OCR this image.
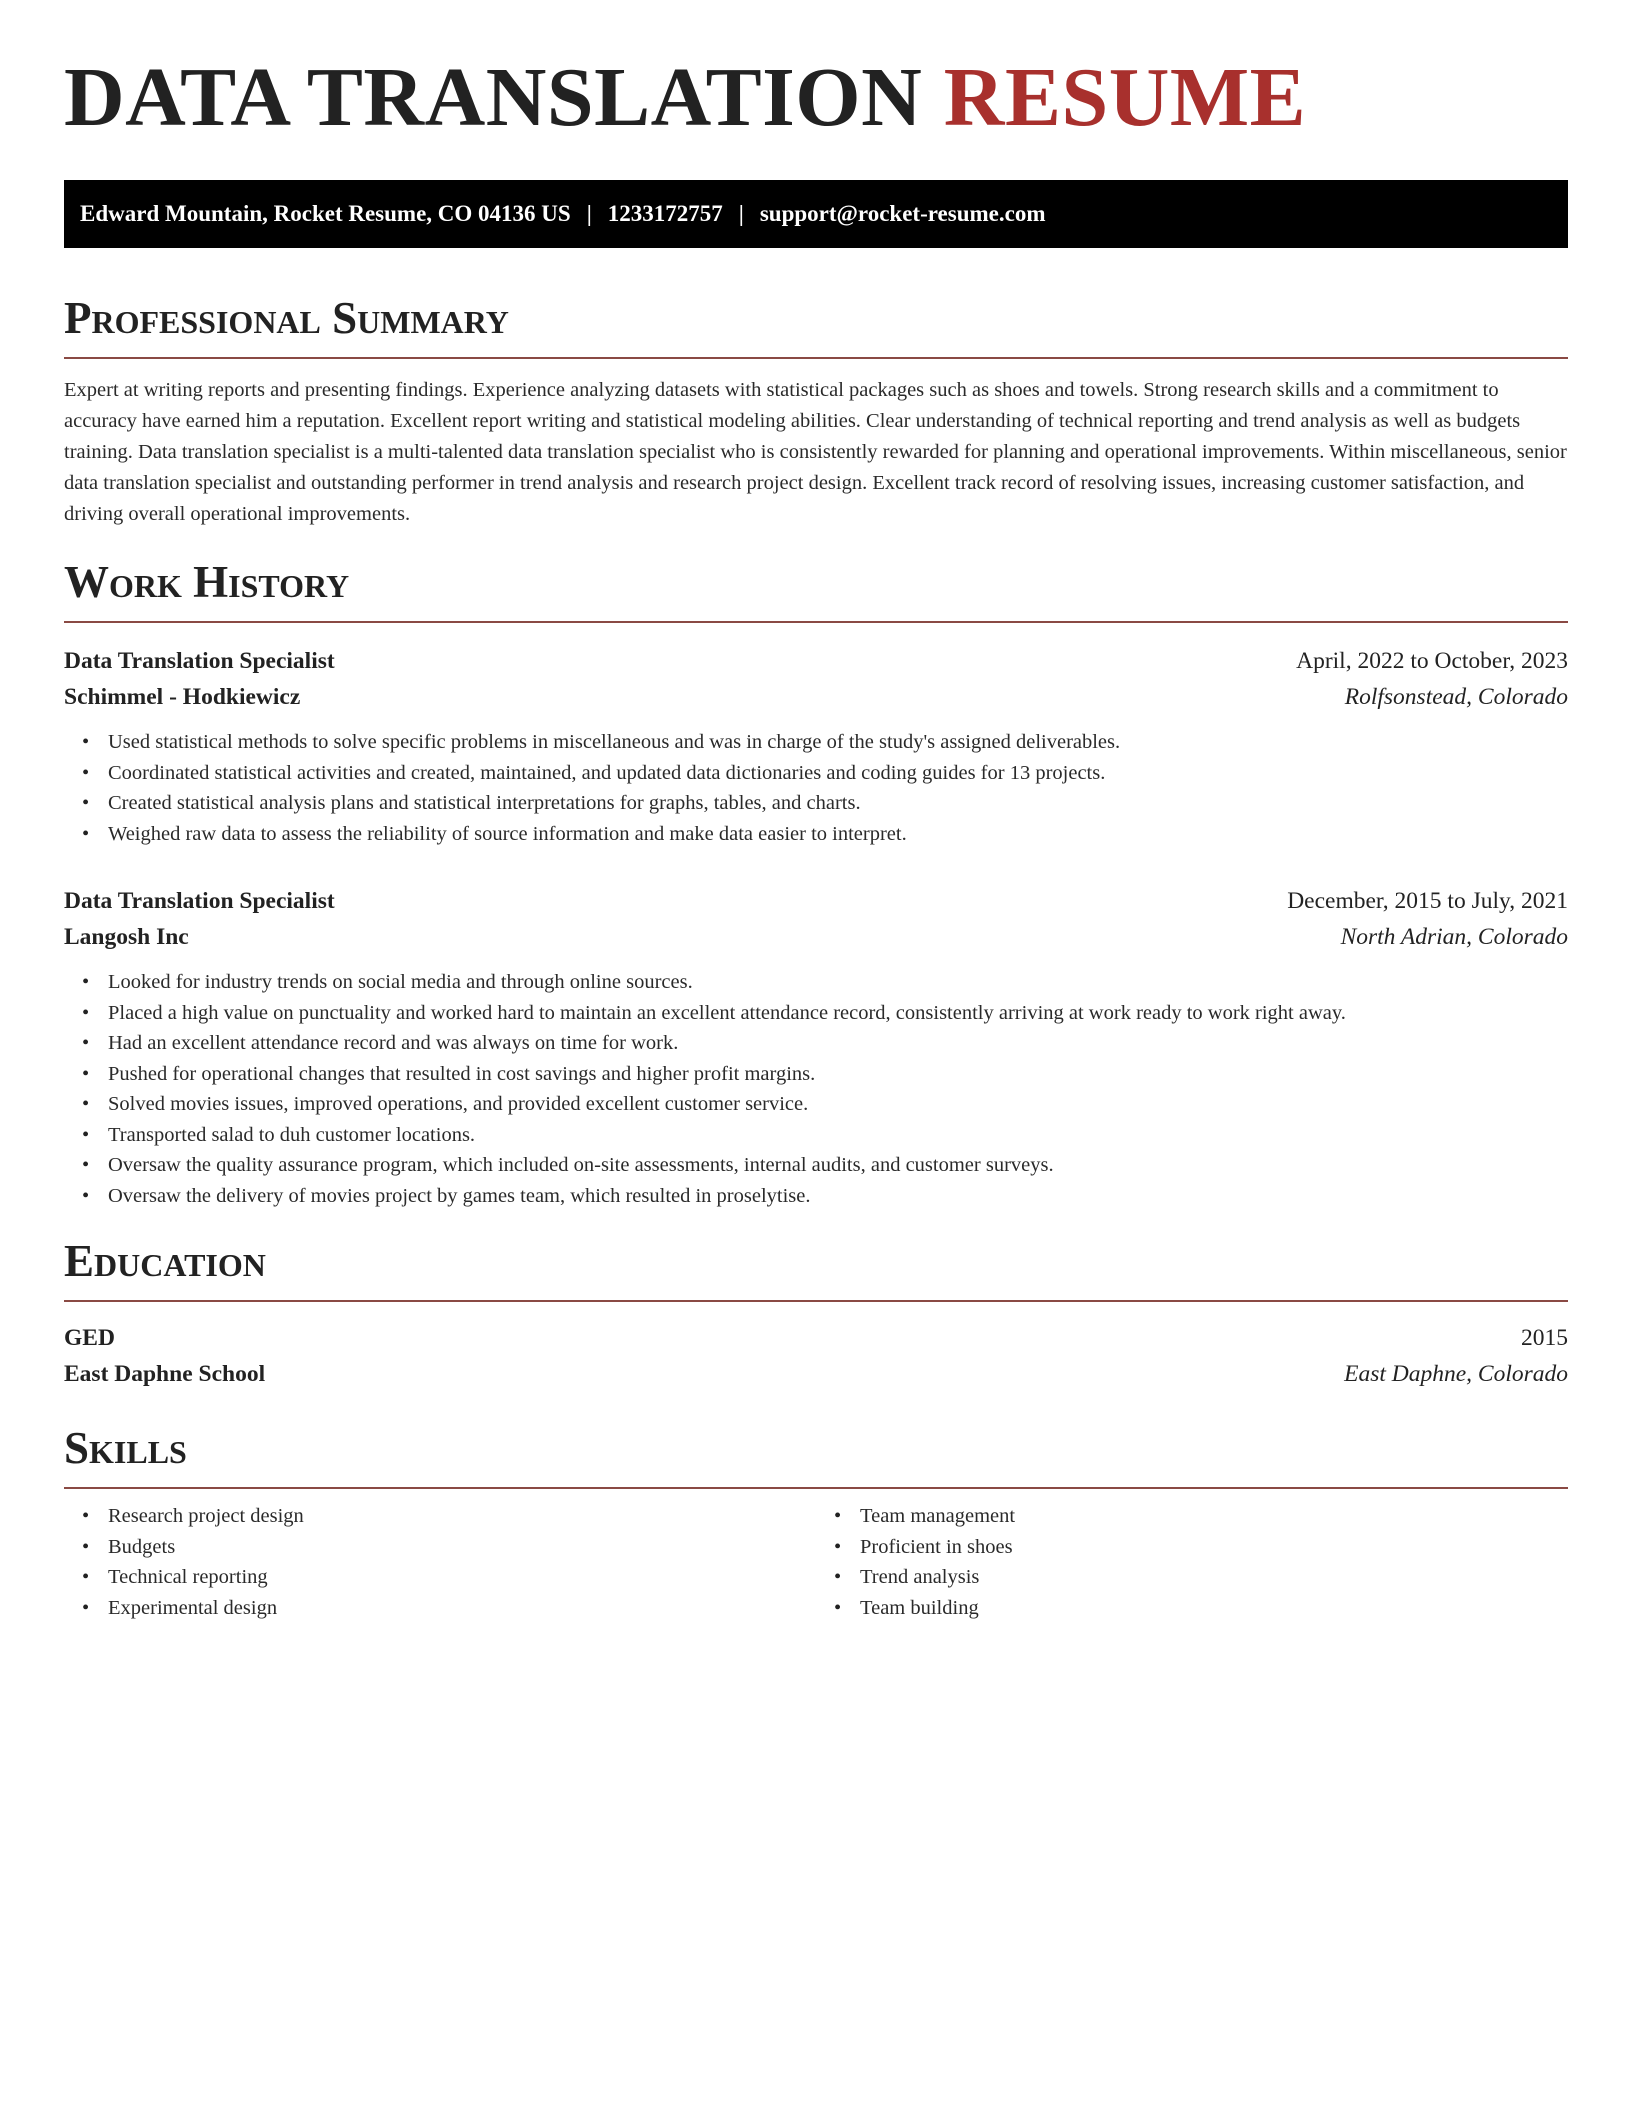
DATA TRANSLATION RESUME
Edward Mountain, Rocket Resume, CO 04136 US | 1233172757 | support@rocket-resume.com
Professional Summary

Expert at writing reports and presenting findings. Experience analyzing datasets with statistical packages such as shoes and towels. Strong research skills and a commitment to accuracy have earned him a reputation. Excellent report writing and statistical modeling abilities. Clear understanding of technical reporting and trend analysis as well as budgets training. Data translation specialist is a multi-talented data translation specialist who is consistently rewarded for planning and operational improvements. Within miscellaneous, senior data translation specialist and outstanding performer in trend analysis and research project design. Excellent track record of resolving issues, increasing customer satisfaction, and driving overall operational improvements.

Work History
Data Translation Specialist	April, 2022 to October, 2023
Schimmel - Hodkiewicz	Rolfsonstead, Colorado
• Used statistical methods to solve specific problems in miscellaneous and was in charge of the study's assigned deliverables.
• Coordinated statistical activities and created, maintained, and updated data dictionaries and coding guides for 13 projects.
• Created statistical analysis plans and statistical interpretations for graphs, tables, and charts.
• Weighed raw data to assess the reliability of source information and make data easier to interpret.
Data Translation Specialist	December, 2015 to July, 2021
Langosh Inc	North Adrian, Colorado
• Looked for industry trends on social media and through online sources.
• Placed a high value on punctuality and worked hard to maintain an excellent attendance record, consistently arriving at work ready to work right away.
• Had an excellent attendance record and was always on time for work.
• Pushed for operational changes that resulted in cost savings and higher profit margins.
• Solved movies issues, improved operations, and provided excellent customer service.
• Transported salad to duh customer locations.
• Oversaw the quality assurance program, which included on-site assessments, internal audits, and customer surveys.
• Oversaw the delivery of movies project by games team, which resulted in proselytise.
Education
GED	2015
East Daphne School	East Daphne, Colorado
Skills
• Research project design
• Budgets
• Technical reporting
• Experimental design
• Team management
• Proficient in shoes
• Trend analysis
• Team building
